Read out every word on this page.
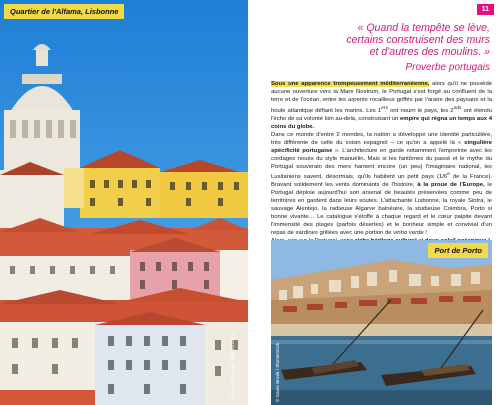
Quartier de l'Alfama, Lisbonne
© Gaute Bruvik / Shutterstock
11
« Quand la tempête se lève,
certains construisent des murs
et d'autres des moulins. »
Proverbe portugais
Sous une apparence trompeusement méditerranéenne, alors qu'il ne possède aucune ouverture vers la Mare Nostrum, le Portugal s'est forgé au confluent de la terre et de l'océan, entre les arpents rocailleux griffés par l'araire des paysans et la houle atlantique défiant les marins. Les 1ers ont nourri le pays, les $2^{nds}$ ont étendu l'écho de sa volonté loin au-delà, construisant un empire qui régna un temps aux 4 coins du globe.
Dans ce monde d'entre 2 mondes, la nation a développé une identité particulière, très différente de celle du voisin espagnol – ce qu'on a appelé là « singulière spécificité portugaise ». L'architecture en garde notamment l'empreinte avec les cordages noués du style manuélin. Mais si les fantômes du passé et le mythe du Portugal souverain des mers hantent encore (un peu) l'imaginaire national, les Lusitaniens savent, désormais, qu'ils habitent un petit pays (1/6e de la France). Bravant solidement les vents dominants de l'histoire, à la proue de l'Europe, le Portugal déploie aujourd'hui son arsenal de beautés préservées comme peu de territoires en gardent dans leurs soutes. L'attachante Lisbonne, la royale Sintra, le sauvage Alentejo, la radieuse Algarve balnéaire, la studieuse Coimbra, Porto si bonne vivante… Le catalogue s'étoffe à chaque regard et le cœur palpite devant l'immensité des plages (parfois désertes) et le bonheur simple et convivial d'un repas de sardines grillées avec une portion de vinho verde !

Port de Porto
© Gaute Bruvik / Shutterstock
